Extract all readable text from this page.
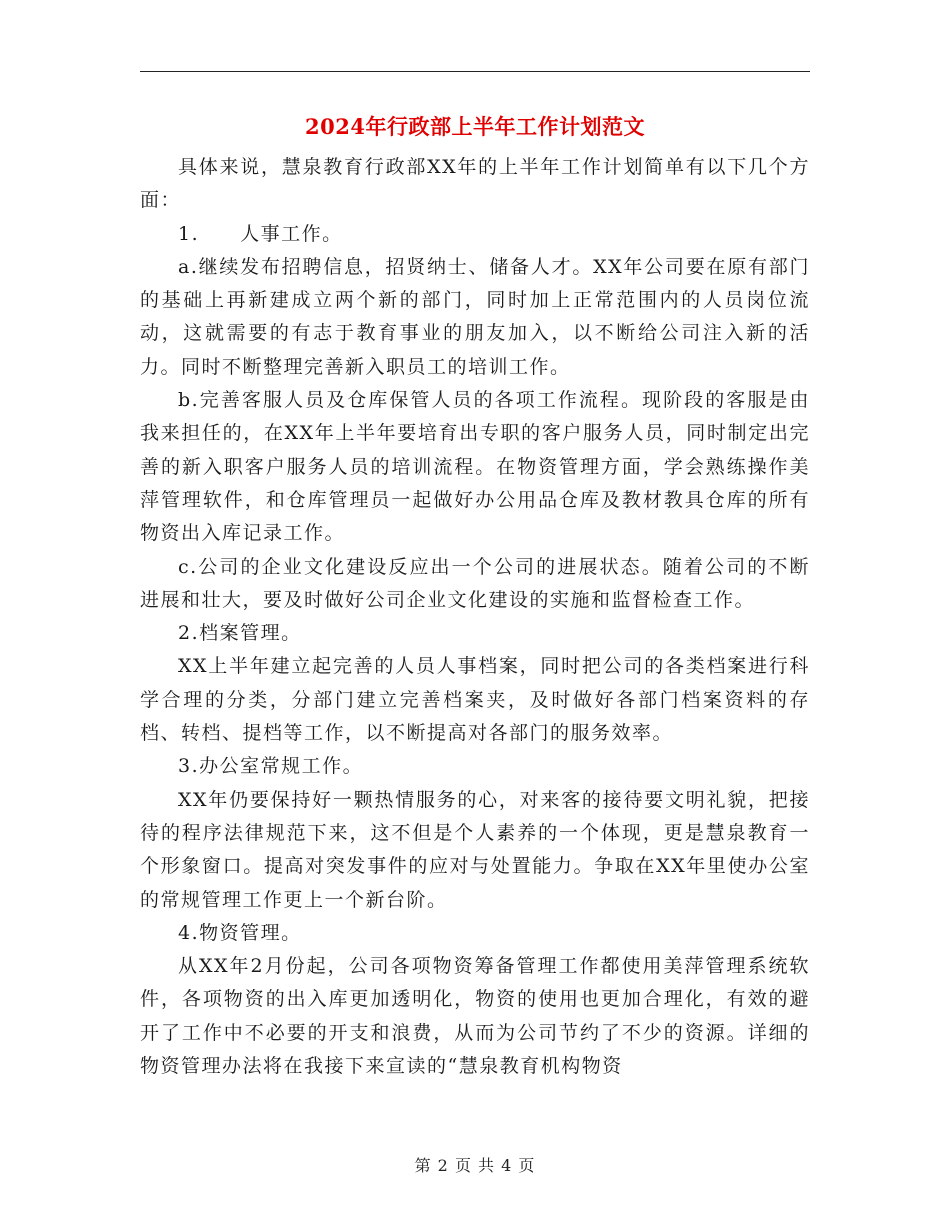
2024年行政部上半年工作计划范文

具体来说，慧泉教育行政部XX年的上半年工作计划简单有以下几个方面：

1.　　人事工作。

a.继续发布招聘信息，招贤纳士、储备人才。XX年公司要在原有部门的基础上再新建成立两个新的部门，同时加上正常范围内的人员岗位流动，这就需要的有志于教育事业的朋友加入，以不断给公司注入新的活力。同时不断整理完善新入职员工的培训工作。

b.完善客服人员及仓库保管人员的各项工作流程。现阶段的客服是由我来担任的，在XX年上半年要培育出专职的客户服务人员，同时制定出完善的新入职客户服务人员的培训流程。在物资管理方面，学会熟练操作美萍管理软件，和仓库管理员一起做好办公用品仓库及教材教具仓库的所有物资出入库记录工作。

c.公司的企业文化建设反应出一个公司的进展状态。随着公司的不断进展和壮大，要及时做好公司企业文化建设的实施和监督检查工作。

2.档案管理。

XX上半年建立起完善的人员人事档案，同时把公司的各类档案进行科学合理的分类，分部门建立完善档案夹，及时做好各部门档案资料的存档、转档、提档等工作，以不断提高对各部门的服务效率。

3.办公室常规工作。

XX年仍要保持好一颗热情服务的心，对来客的接待要文明礼貌，把接待的程序法律规范下来，这不但是个人素养的一个体现，更是慧泉教育一个形象窗口。提高对突发事件的应对与处置能力。争取在XX年里使办公室的常规管理工作更上一个新台阶。

4.物资管理。

从XX年2月份起，公司各项物资筹备管理工作都使用美萍管理系统软件，各项物资的出入库更加透明化，物资的使用也更加合理化，有效的避开了工作中不必要的开支和浪费，从而为公司节约了不少的资源。详细的物资管理办法将在我接下来宣读的“慧泉教育机构物资

第 2 页 共 4 页
